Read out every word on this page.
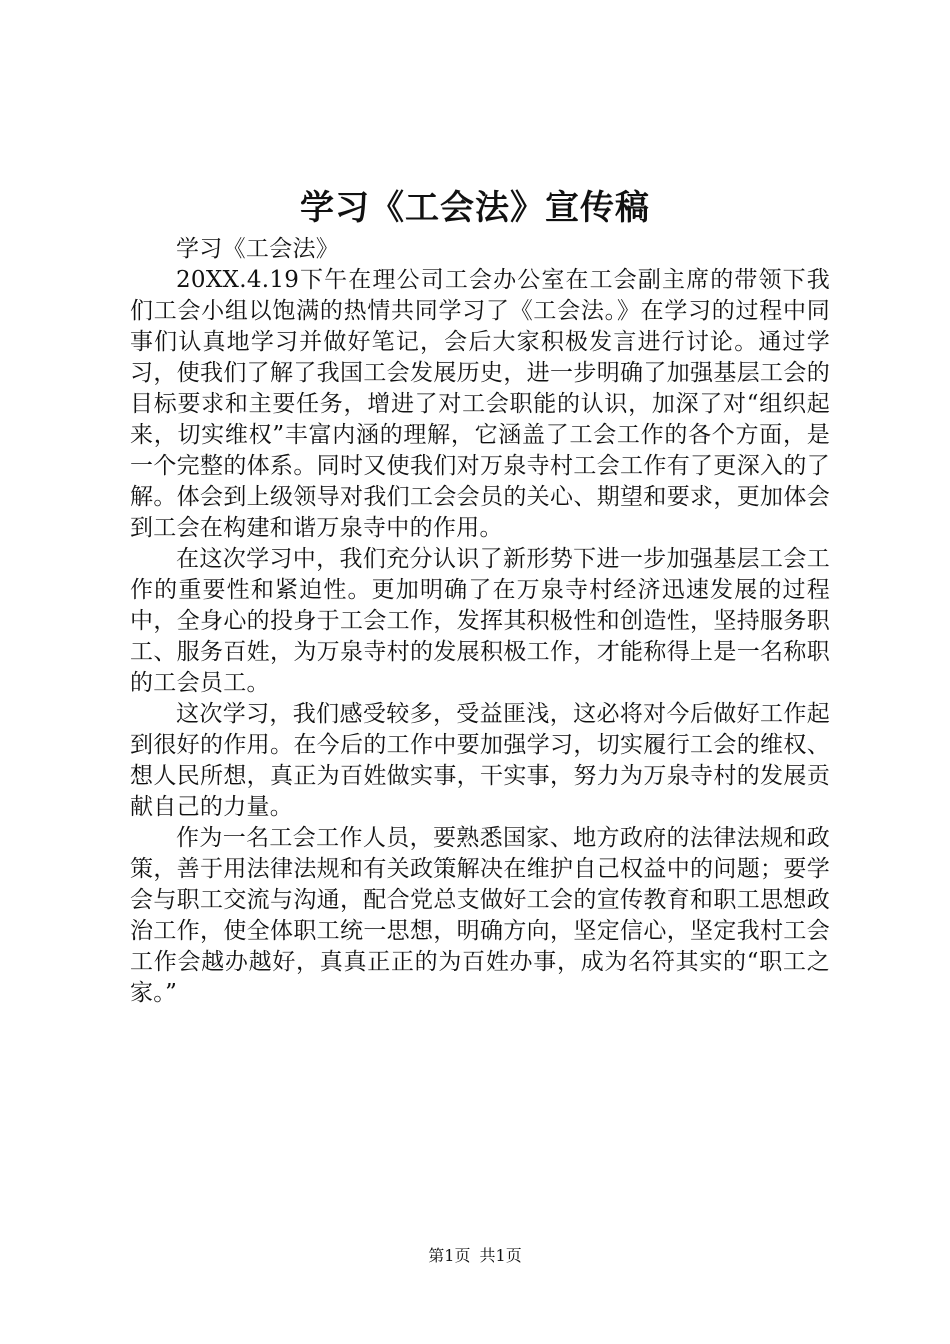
学习《工会法》宣传稿

学习《工会法》

20XX.4.19下午在理公司工会办公室在工会副主席的带领下我们工会小组以饱满的热情共同学习了《工会法。》在学习的过程中同事们认真地学习并做好笔记，会后大家积极发言进行讨论。通过学习，使我们了解了我国工会发展历史，进一步明确了加强基层工会的目标要求和主要任务，增进了对工会职能的认识，加深了对“组织起来，切实维权”丰富内涵的理解，它涵盖了工会工作的各个方面，是一个完整的体系。同时又使我们对万泉寺村工会工作有了更深入的了解。体会到上级领导对我们工会会员的关心、期望和要求，更加体会到工会在构建和谐万泉寺中的作用。

在这次学习中，我们充分认识了新形势下进一步加强基层工会工作的重要性和紧迫性。更加明确了在万泉寺村经济迅速发展的过程中，全身心的投身于工会工作，发挥其积极性和创造性，坚持服务职工、服务百姓，为万泉寺村的发展积极工作，才能称得上是一名称职的工会员工。

这次学习，我们感受较多，受益匪浅，这必将对今后做好工作起到很好的作用。在今后的工作中要加强学习，切实履行工会的维权、想人民所想，真正为百姓做实事，干实事，努力为万泉寺村的发展贡献自己的力量。

作为一名工会工作人员，要熟悉国家、地方政府的法律法规和政策，善于用法律法规和有关政策解决在维护自己权益中的问题；要学会与职工交流与沟通，配合党总支做好工会的宣传教育和职工思想政治工作，使全体职工统一思想，明确方向，坚定信心，坚定我村工会工作会越办越好，真真正正的为百姓办事，成为名符其实的“职工之家。”

第1页 共1页
